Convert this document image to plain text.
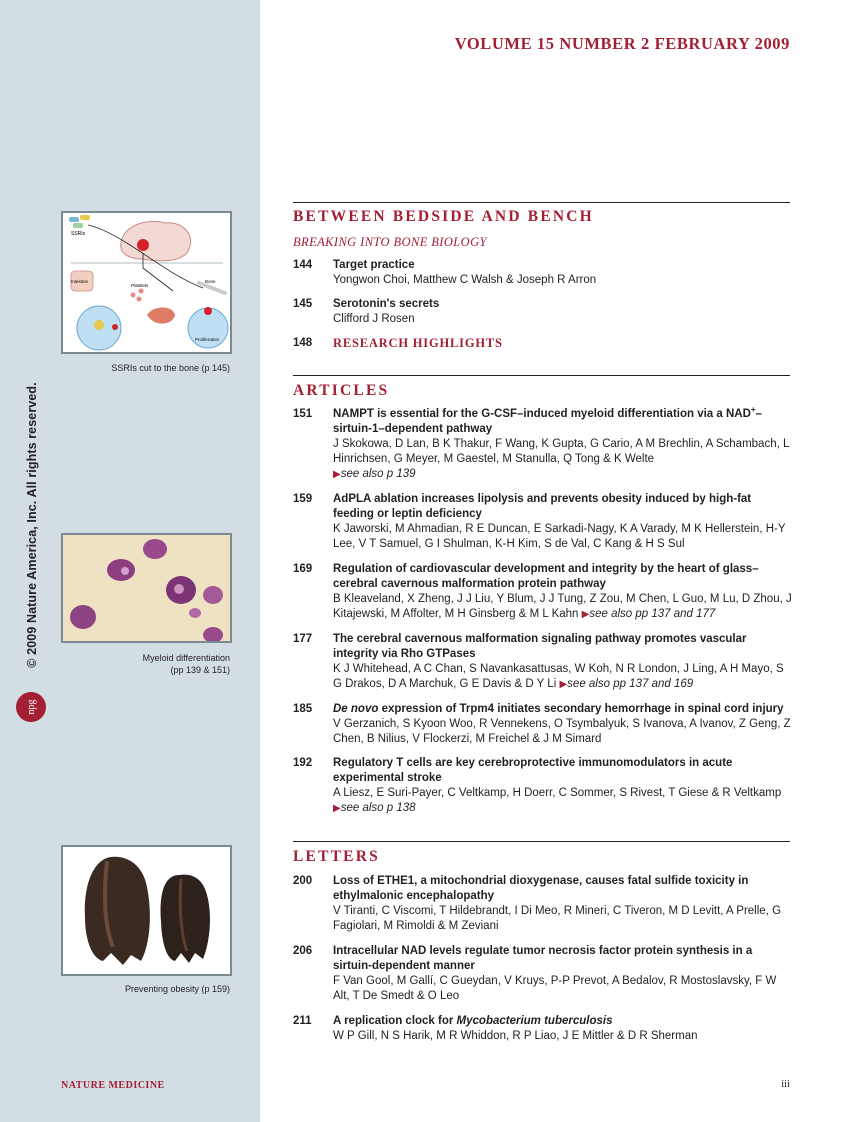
© 2009 Nature America, Inc. All rights reserved.
npg
SSRIs
Intestine
Platelets
Bone
Proliferation
SSRIs cut to the bone (p 145)
Myeloid differentiation
(pp 139 & 151)
Preventing obesity (p 159)
VOLUME 15 NUMBER 2 FEBRUARY 2009
BETWEEN BEDSIDE AND BENCH
BREAKING INTO BONE BIOLOGY
144	Target practice
Yongwon Choi, Matthew C Walsh & Joseph R Arron
145	Serotonin's secrets
Clifford J Rosen
148	RESEARCH HIGHLIGHTS
ARTICLES
151	NAMPT is essential for the G-CSF–induced myeloid differentiation via a NAD+–sirtuin-1–dependent pathway
J Skokowa, D Lan, B K Thakur, F Wang, K Gupta, G Cario, A M Brechlin, A Schambach, L Hinrichsen, G Meyer, M Gaestel, M Stanulla, Q Tong & K Welte
▶see also p 139
159	AdPLA ablation increases lipolysis and prevents obesity induced by high-fat feeding or leptin deficiency
K Jaworski, M Ahmadian, R E Duncan, E Sarkadi-Nagy, K A Varady, M K Hellerstein, H-Y Lee, V T Samuel, G I Shulman, K-H Kim, S de Val, C Kang & H S Sul
169	Regulation of cardiovascular development and integrity by the heart of glass–cerebral cavernous malformation protein pathway
B Kleaveland, X Zheng, J J Liu, Y Blum, J J Tung, Z Zou, M Chen, L Guo, M Lu, D Zhou, J Kitajewski, M Affolter, M H Ginsberg & M L Kahn ▶see also pp 137 and 177
177	The cerebral cavernous malformation signaling pathway promotes vascular integrity via Rho GTPases
K J Whitehead, A C Chan, S Navankasattusas, W Koh, N R London, J Ling, A H Mayo, S G Drakos, D A Marchuk, G E Davis & D Y Li ▶see also pp 137 and 169
185	De novo expression of Trpm4 initiates secondary hemorrhage in spinal cord injury
V Gerzanich, S Kyoon Woo, R Vennekens, O Tsymbalyuk, S Ivanova, A Ivanov, Z Geng, Z Chen, B Nilius, V Flockerzi, M Freichel & J M Simard
192	Regulatory T cells are key cerebroprotective immunomodulators in acute experimental stroke
A Liesz, E Suri-Payer, C Veltkamp, H Doerr, C Sommer, S Rivest, T Giese & R Veltkamp ▶see also p 138
LETTERS
200	Loss of ETHE1, a mitochondrial dioxygenase, causes fatal sulfide toxicity in ethylmalonic encephalopathy
V Tiranti, C Viscomi, T Hildebrandt, I Di Meo, R Mineri, C Tiveron, M D Levitt, A Prelle, G Fagiolari, M Rimoldi & M Zeviani
206	Intracellular NAD levels regulate tumor necrosis factor protein synthesis in a sirtuin-dependent manner
F Van Gool, M Gallí, C Gueydan, V Kruys, P-P Prevot, A Bedalov, R Mostoslavsky, F W Alt, T De Smedt & O Leo
211	A replication clock for Mycobacterium tuberculosis
W P Gill, N S Harik, M R Whiddon, R P Liao, J E Mittler & D R Sherman
NATURE MEDICINE	iii
